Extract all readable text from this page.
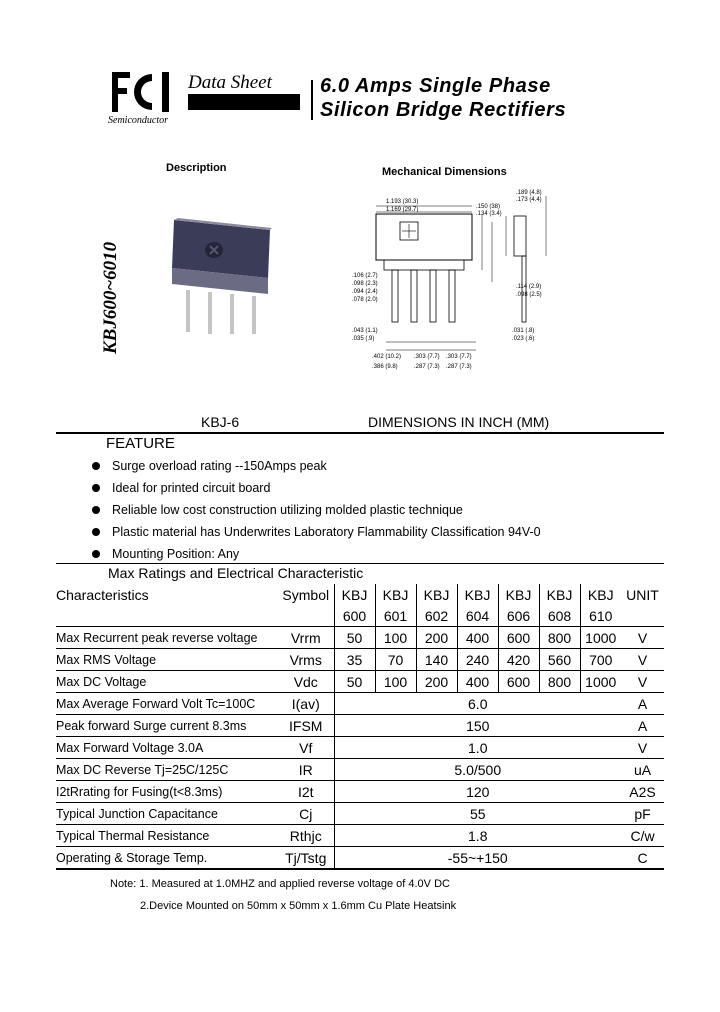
Data Sheet
Semiconductor
6.0 Amps Single Phase
Silicon Bridge Rectifiers
Description	Mechanical Dimensions
KBJ600~6010
1.193 (30.3)
1.169 (29.7)
.189 (4.8)
.173 (4.4)
.150 (38)
.134 (3.4)
.106 (2.7)
.098 (2.3)
.094 (2.4)
.078 (2.0)
.114 (2.9)
.098 (2.5)
.043 (1.1)
.035 (.9)
.031 (.8)
.023 (.6)
.402 (10.2) .303 (7.7) .303 (7.7)
.386 (9.8)	.287 (7.3) .287 (7.3)
KBJ-6	DIMENSIONS IN INCH (MM)
FEATURE
Surge overload rating --150Amps peak
Ideal for printed circuit board
Reliable low cost construction utilizing molded plastic technique
Plastic material has Underwrites Laboratory Flammability Classification 94V-0
Mounting Position: Any
Max Ratings and Electrical Characteristic
Characteristics	Symbol	KBJ	KBJ	KBJ	KBJ	KBJ	KBJ	KBJ	UNIT
		600	601	602	604	606	608	610	
Max Recurrent peak reverse voltage	Vrrm	50	100	200	400	600	800	1000	V
Max RMS Voltage	Vrms	35	70	140	240	420	560	700	V
Max DC Voltage	Vdc	50	100	200	400	600	800	1000	V
Max Average Forward Volt Tc=100C	I(av)	6.0							A
Peak forward Surge current 8.3ms	IFSM	150							A
Max Forward Voltage 3.0A	Vf	1.0							V
Max DC Reverse Tj=25C/125C	IR	5.0/500							uA
I2tRrating for Fusing(t<8.3ms)	I2t	120							A2S
Typical Junction Capacitance	Cj	55							pF
Typical Thermal Resistance	Rthjc	1.8							C/w
Operating & Storage Temp.	Tj/Tstg	-55~+150							C
Note: 1. Measured at 1.0MHZ and applied reverse voltage of 4.0V DC
2.Device Mounted on 50mm x 50mm x 1.6mm Cu Plate Heatsink
